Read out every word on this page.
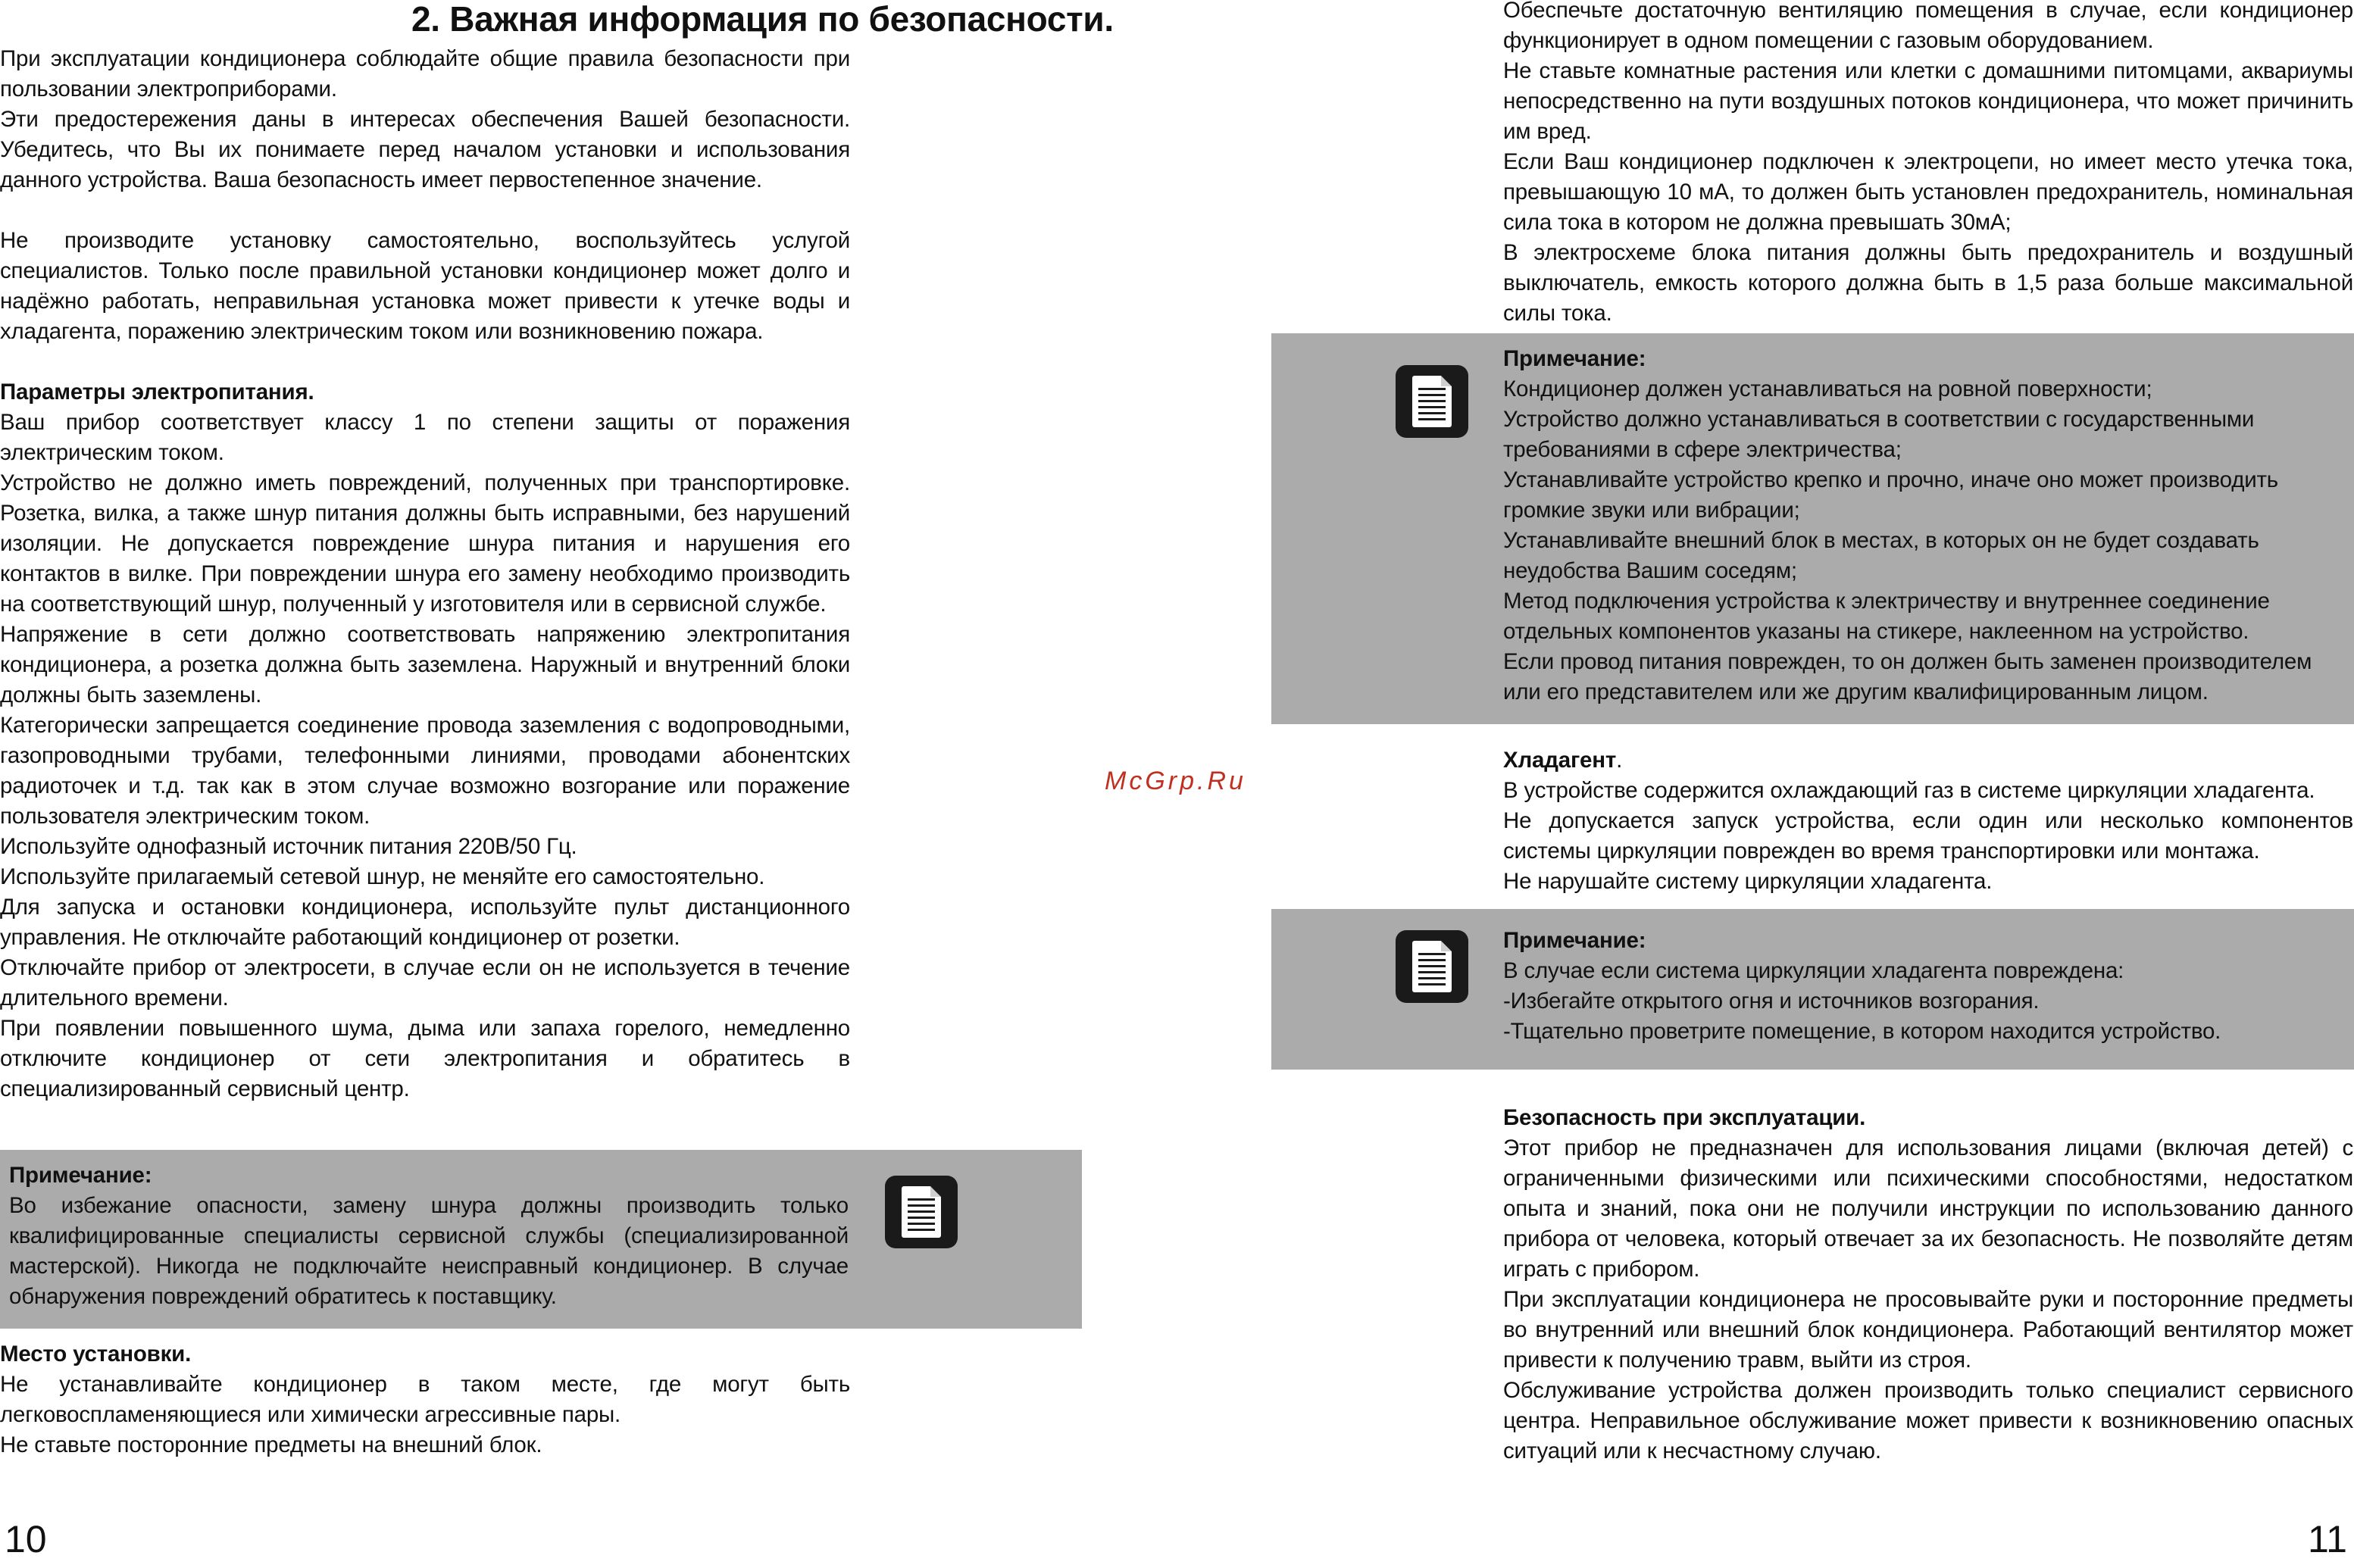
2. Важная информация по безопасности.

При эксплуатации кондиционера соблюдайте общие правила безопасности при пользовании электроприборами.

Эти предостережения даны в интересах обеспечения Вашей безопасности. Убедитесь, что Вы их понимаете перед началом установки и использования данного устройства. Ваша безопасность имеет первостепенное значение.

Не производите установку самостоятельно, воспользуйтесь услугой специалистов. Только после правильной установки кондиционер может долго и надёжно работать, неправильная установка может привести к утечке воды и хладагента, поражению электрическим током или возникновению пожара.

Параметры электропитания.

Ваш прибор соответствует классу 1 по степени защиты от поражения электрическим током.

Устройство не должно иметь повреждений, полученных при транспортировке. Розетка, вилка, а также шнур питания должны быть исправными, без нарушений изоляции. Не допускается повреждение шнура питания и нарушения его контактов в вилке. При повреждении шнура его замену необходимо производить на соответствующий шнур, полученный у изготовителя или в сервисной службе.

Напряжение в сети должно соответствовать напряжению электропитания кондиционера, а розетка должна быть заземлена. Наружный и внутренний блоки должны быть заземлены.

Категорически запрещается соединение провода заземления с водопроводными, газопроводными трубами, телефонными линиями, проводами абонентских радиоточек и т.д. так как в этом случае возможно возгорание или поражение пользователя электрическим током.

Используйте однофазный источник питания 220В/50 Гц.

Используйте прилагаемый сетевой шнур, не меняйте его самостоятельно.

Для запуска и остановки кондиционера, используйте пульт дистанционного управления. Не отключайте работающий кондиционер от розетки.

Отключайте прибор от электросети, в случае если он не используется в течение длительного времени.

При появлении повышенного шума, дыма или запаха горелого, немедленно отключите кондиционер от сети электропитания и обратитесь в специализированный сервисный центр.

Примечание:

Во избежание опасности, замену шнура должны производить только квалифицированные специалисты сервисной службы (специализированной мастерской). Никогда не подключайте неисправный кондиционер. В случае обнаружения повреждений обратитесь к поставщику.

Место установки.

Не устанавливайте кондиционер в таком месте, где могут быть легковоспламеняющиеся или химически агрессивные пары.

Не ставьте посторонние предметы на внешний блок.

10
McGrp.Ru

Обеспечьте достаточную вентиляцию помещения в случае, если кондиционер функционирует в одном помещении с газовым оборудованием.

Не ставьте комнатные растения или клетки с домашними питомцами, аквариумы непосредственно на пути воздушных потоков кондиционера, что может причинить им вред.

Если Ваш кондиционер подключен к электроцепи, но имеет место утечка тока, превышающую 10 мА, то должен быть установлен предохранитель, номинальная сила тока в котором не должна превышать 30мА;

В электросхеме блока питания должны быть предохранитель и воздушный выключатель, емкость которого должна быть в 1,5 раза больше максимальной силы тока.

Примечание:

Кондиционер должен устанавливаться на ровной поверхности;

Устройство должно устанавливаться в соответствии с государственными требованиями в сфере электричества;

Устанавливайте устройство крепко и прочно, иначе оно может производить громкие звуки или вибрации;

Устанавливайте внешний блок в местах, в которых он не будет создавать неудобства Вашим соседям;

Метод подключения устройства к электричеству и внутреннее соединение отдельных компонентов указаны на стикере, наклеенном на устройство.

Если провод питания поврежден, то он должен быть заменен производителем или его представителем или же другим квалифицированным лицом.

Хладагент.

В устройстве содержится охлаждающий газ в системе циркуляции хладагента.

Не допускается запуск устройства, если один или несколько компонентов системы циркуляции поврежден во время транспортировки или монтажа.

Не нарушайте систему циркуляции хладагента.

Примечание:

В случае если система циркуляции хладагента повреждена:

-Избегайте открытого огня и источников возгорания.

-Тщательно проветрите помещение, в котором находится устройство.

Безопасность при эксплуатации.

Этот прибор не предназначен для использования лицами (включая детей) с ограниченными физическими или психическими способностями, недостатком опыта и знаний, пока они не получили инструкции по использованию данного прибора от человека, который отвечает за их безопасность. Не позволяйте детям играть с прибором.

При эксплуатации кондиционера не просовывайте руки и посторонние предметы во внутренний или внешний блок кондиционера. Работающий вентилятор может привести к получению травм, выйти из строя.

Обслуживание устройства должен производить только специалист сервисного центра. Неправильное обслуживание может привести к возникновению опасных ситуаций или к несчастному случаю.

11
